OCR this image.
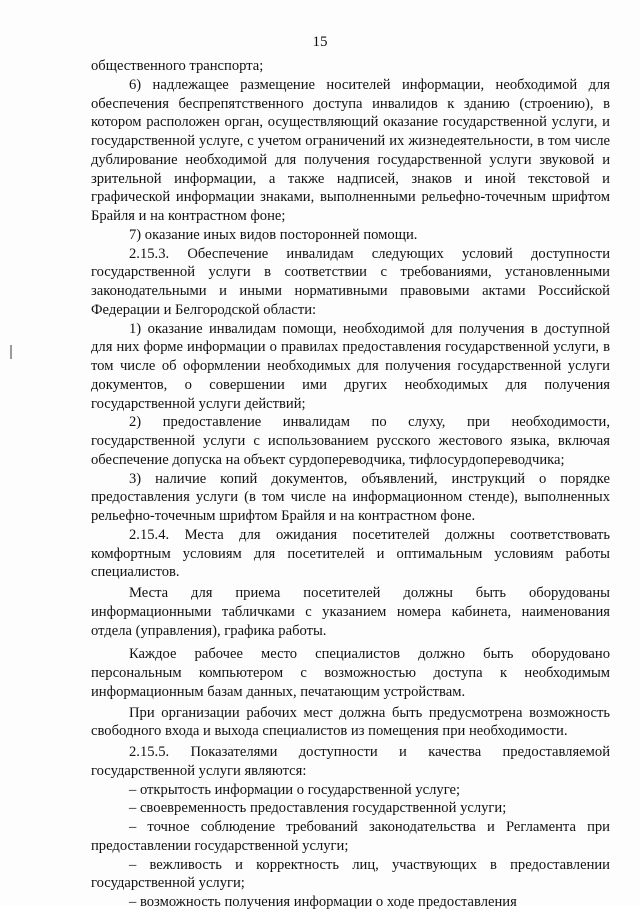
15

общественного транспорта;

6) надлежащее размещение носителей информации, необходимой для обеспечения беспрепятственного доступа инвалидов к зданию (строению), в котором расположен орган, осуществляющий оказание государственной услуги, и государственной услуге, с учетом ограничений их жизнедеятельности, в том числе дублирование необходимой для получения государственной услуги звуковой и зрительной информации, а также надписей, знаков и иной текстовой и графической информации знаками, выполненными рельефно-точечным шрифтом Брайля и на контрастном фоне;

7) оказание иных видов посторонней помощи.

2.15.3. Обеспечение инвалидам следующих условий доступности государственной услуги в соответствии с требованиями, установленными законодательными и иными нормативными правовыми актами Российской Федерации и Белгородской области:

1) оказание инвалидам помощи, необходимой для получения в доступной для них форме информации о правилах предоставления государственной услуги, в том числе об оформлении необходимых для получения государственной услуги документов, о совершении ими других необходимых для получения государственной услуги действий;

2) предоставление инвалидам по слуху, при необходимости, государственной услуги с использованием русского жестового языка, включая обеспечение допуска на объект сурдопереводчика, тифлосурдопереводчика;

3) наличие копий документов, объявлений, инструкций о порядке предоставления услуги (в том числе на информационном стенде), выполненных рельефно-точечным шрифтом Брайля и на контрастном фоне.

2.15.4. Места для ожидания посетителей должны соответствовать комфортным условиям для посетителей и оптимальным условиям работы специалистов.

Места для приема посетителей должны быть оборудованы информационными табличками с указанием номера кабинета, наименования отдела (управления), графика работы.

Каждое рабочее место специалистов должно быть оборудовано персональным компьютером с возможностью доступа к необходимым информационным базам данных, печатающим устройствам.

При организации рабочих мест должна быть предусмотрена возможность свободного входа и выхода специалистов из помещения при необходимости.

2.15.5. Показателями доступности и качества предоставляемой государственной услуги являются:

– открытость информации о государственной услуге;

– своевременность предоставления государственной услуги;

– точное соблюдение требований законодательства и Регламента при предоставлении государственной услуги;

– вежливость и корректность лиц, участвующих в предоставлении государственной услуги;

– возможность получения информации о ходе предоставления
